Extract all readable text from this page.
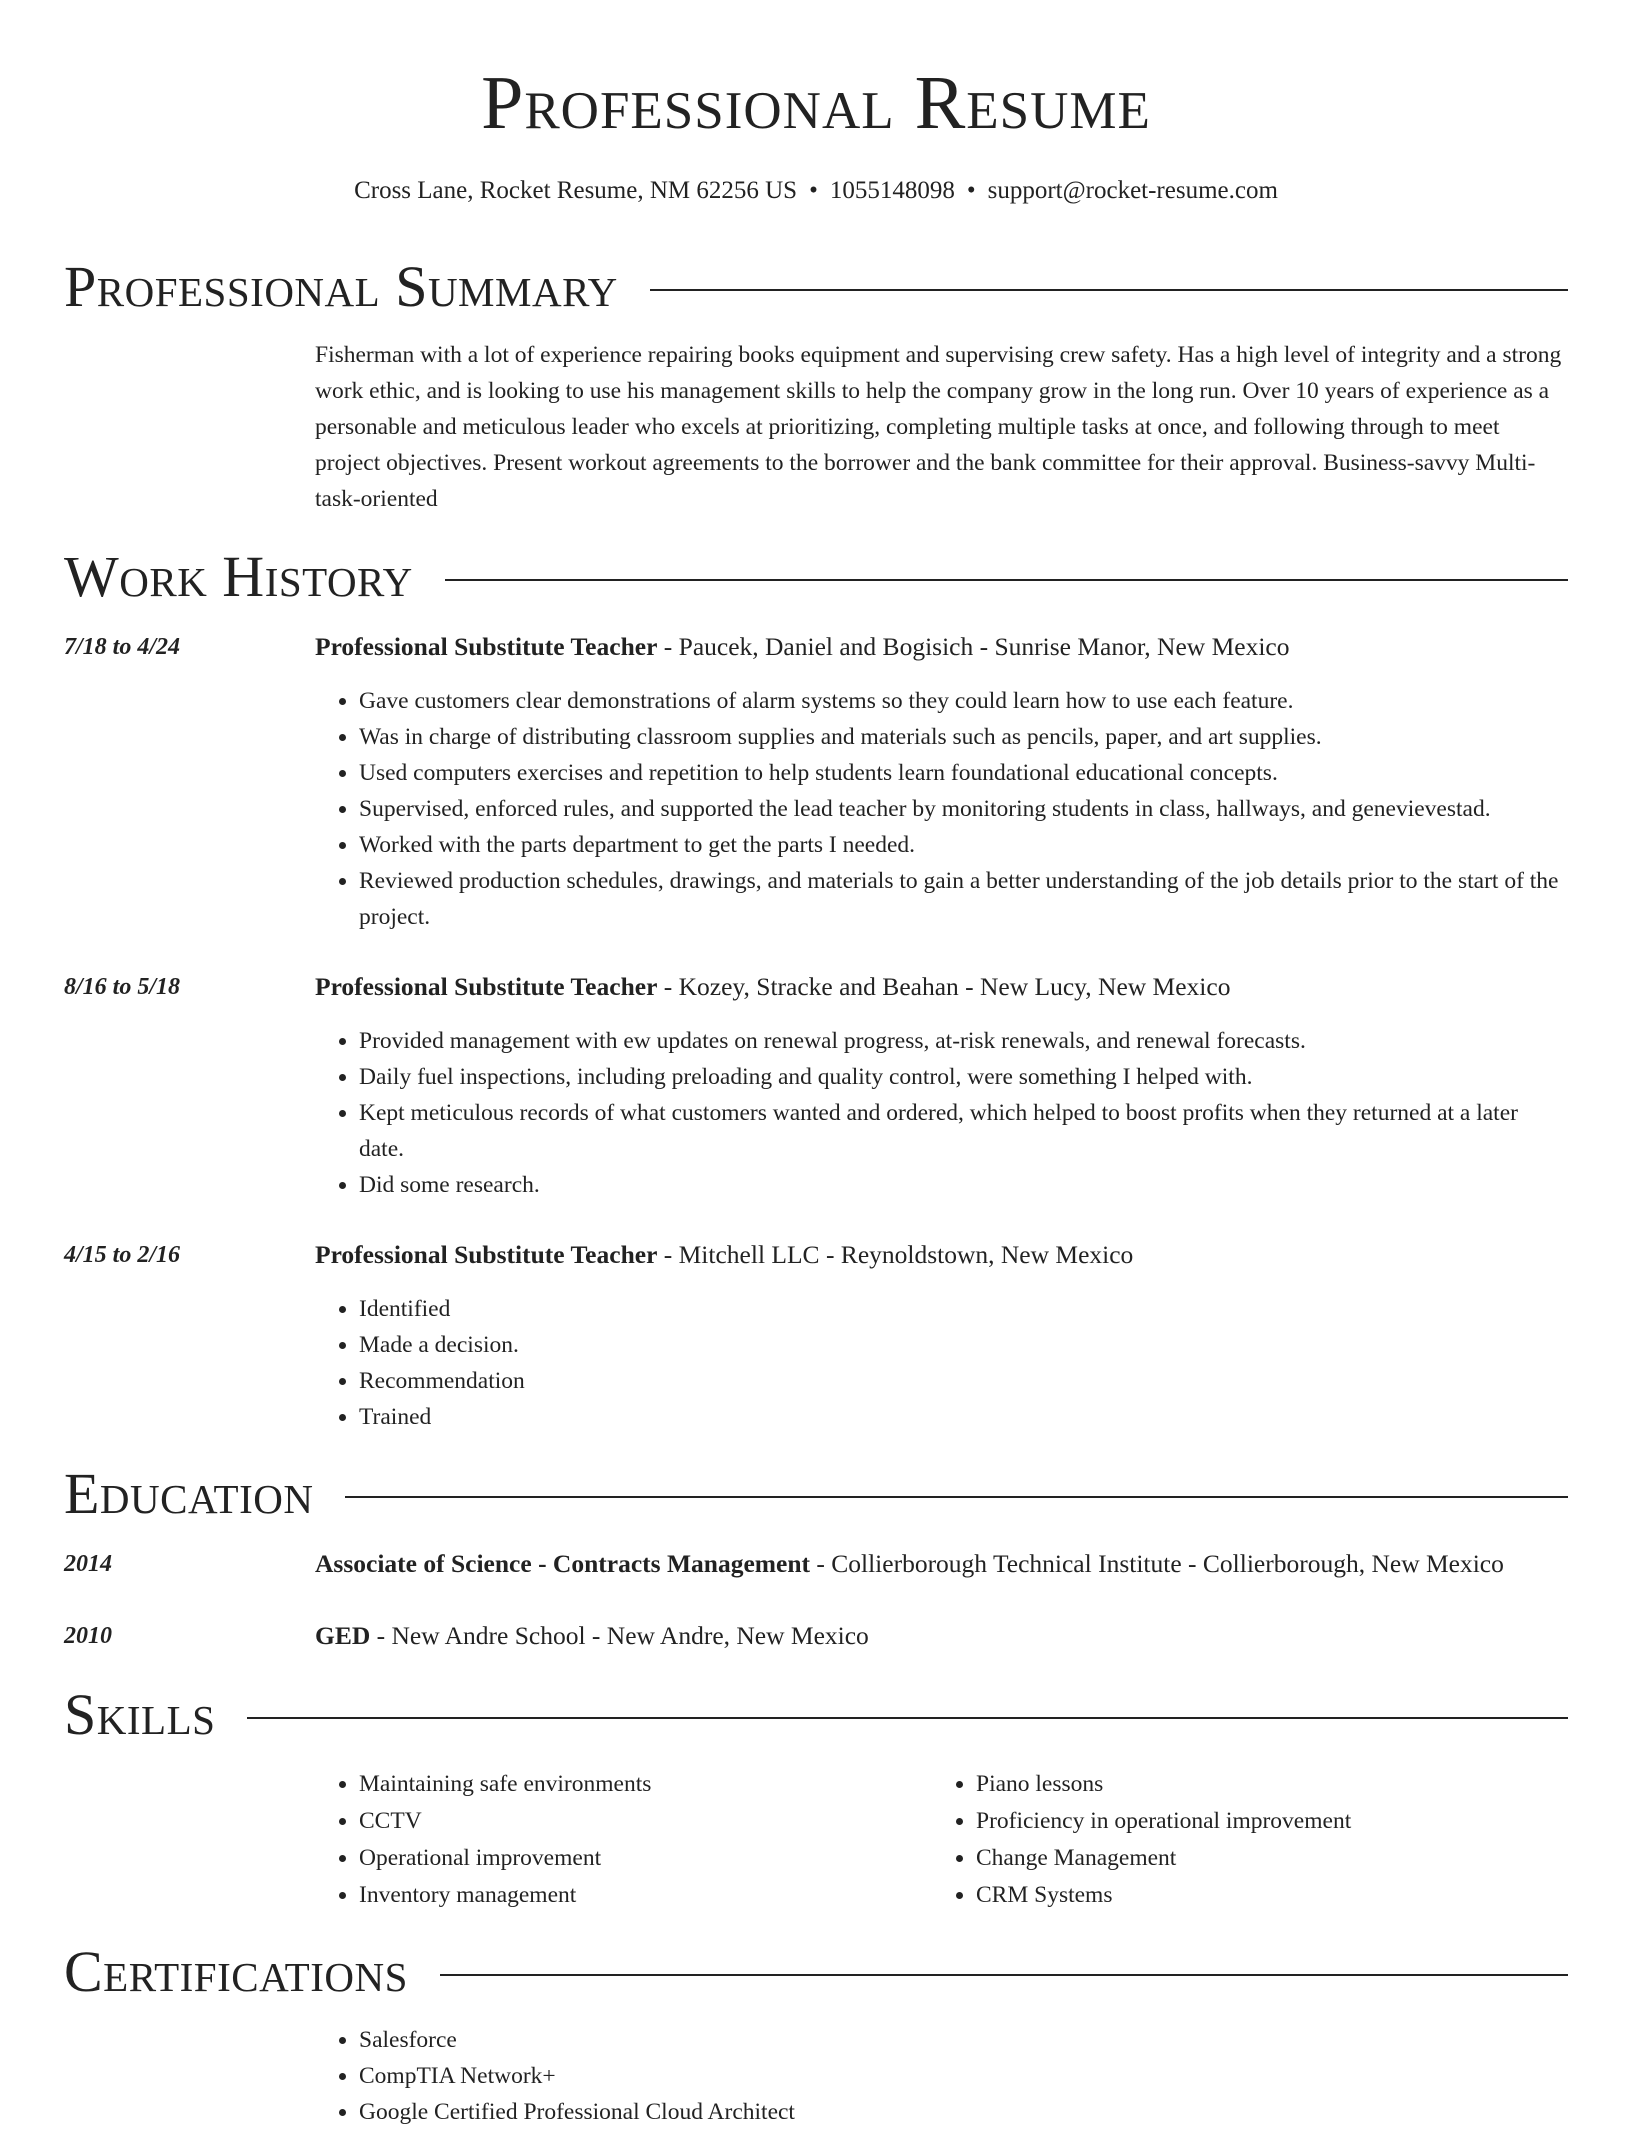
Professional Resume
Cross Lane, Rocket Resume, NM 62256 US • 1055148098 • support@rocket-resume.com
Professional Summary
Fisherman with a lot of experience repairing books equipment and supervising crew safety. Has a high level of integrity and a strong work ethic, and is looking to use his management skills to help the company grow in the long run. Over 10 years of experience as a personable and meticulous leader who excels at prioritizing, completing multiple tasks at once, and following through to meet project objectives. Present workout agreements to the borrower and the bank committee for their approval. Business-savvy Multi-task-oriented
Work History
7/18 to 4/24	Professional Substitute Teacher - Paucek, Daniel and Bogisich - Sunrise Manor, New Mexico
• Gave customers clear demonstrations of alarm systems so they could learn how to use each feature.
• Was in charge of distributing classroom supplies and materials such as pencils, paper, and art supplies.
• Used computers exercises and repetition to help students learn foundational educational concepts.
• Supervised, enforced rules, and supported the lead teacher by monitoring students in class, hallways, and genevievestad.
• Worked with the parts department to get the parts I needed.
• Reviewed production schedules, drawings, and materials to gain a better understanding of the job details prior to the start of the project.
8/16 to 5/18	Professional Substitute Teacher - Kozey, Stracke and Beahan - New Lucy, New Mexico
• Provided management with ew updates on renewal progress, at-risk renewals, and renewal forecasts.
• Daily fuel inspections, including preloading and quality control, were something I helped with.
• Kept meticulous records of what customers wanted and ordered, which helped to boost profits when they returned at a later date.
• Did some research.
4/15 to 2/16	Professional Substitute Teacher - Mitchell LLC - Reynoldstown, New Mexico
• Identified
• Made a decision.
• Recommendation
• Trained
Education
2014	Associate of Science - Contracts Management - Collierborough Technical Institute - Collierborough, New Mexico
2010	GED - New Andre School - New Andre, New Mexico
Skills
• Maintaining safe environments
• CCTV
• Operational improvement
• Inventory management
• Piano lessons
• Proficiency in operational improvement
• Change Management
• CRM Systems
Certifications
• Salesforce
• CompTIA Network+
• Google Certified Professional Cloud Architect
